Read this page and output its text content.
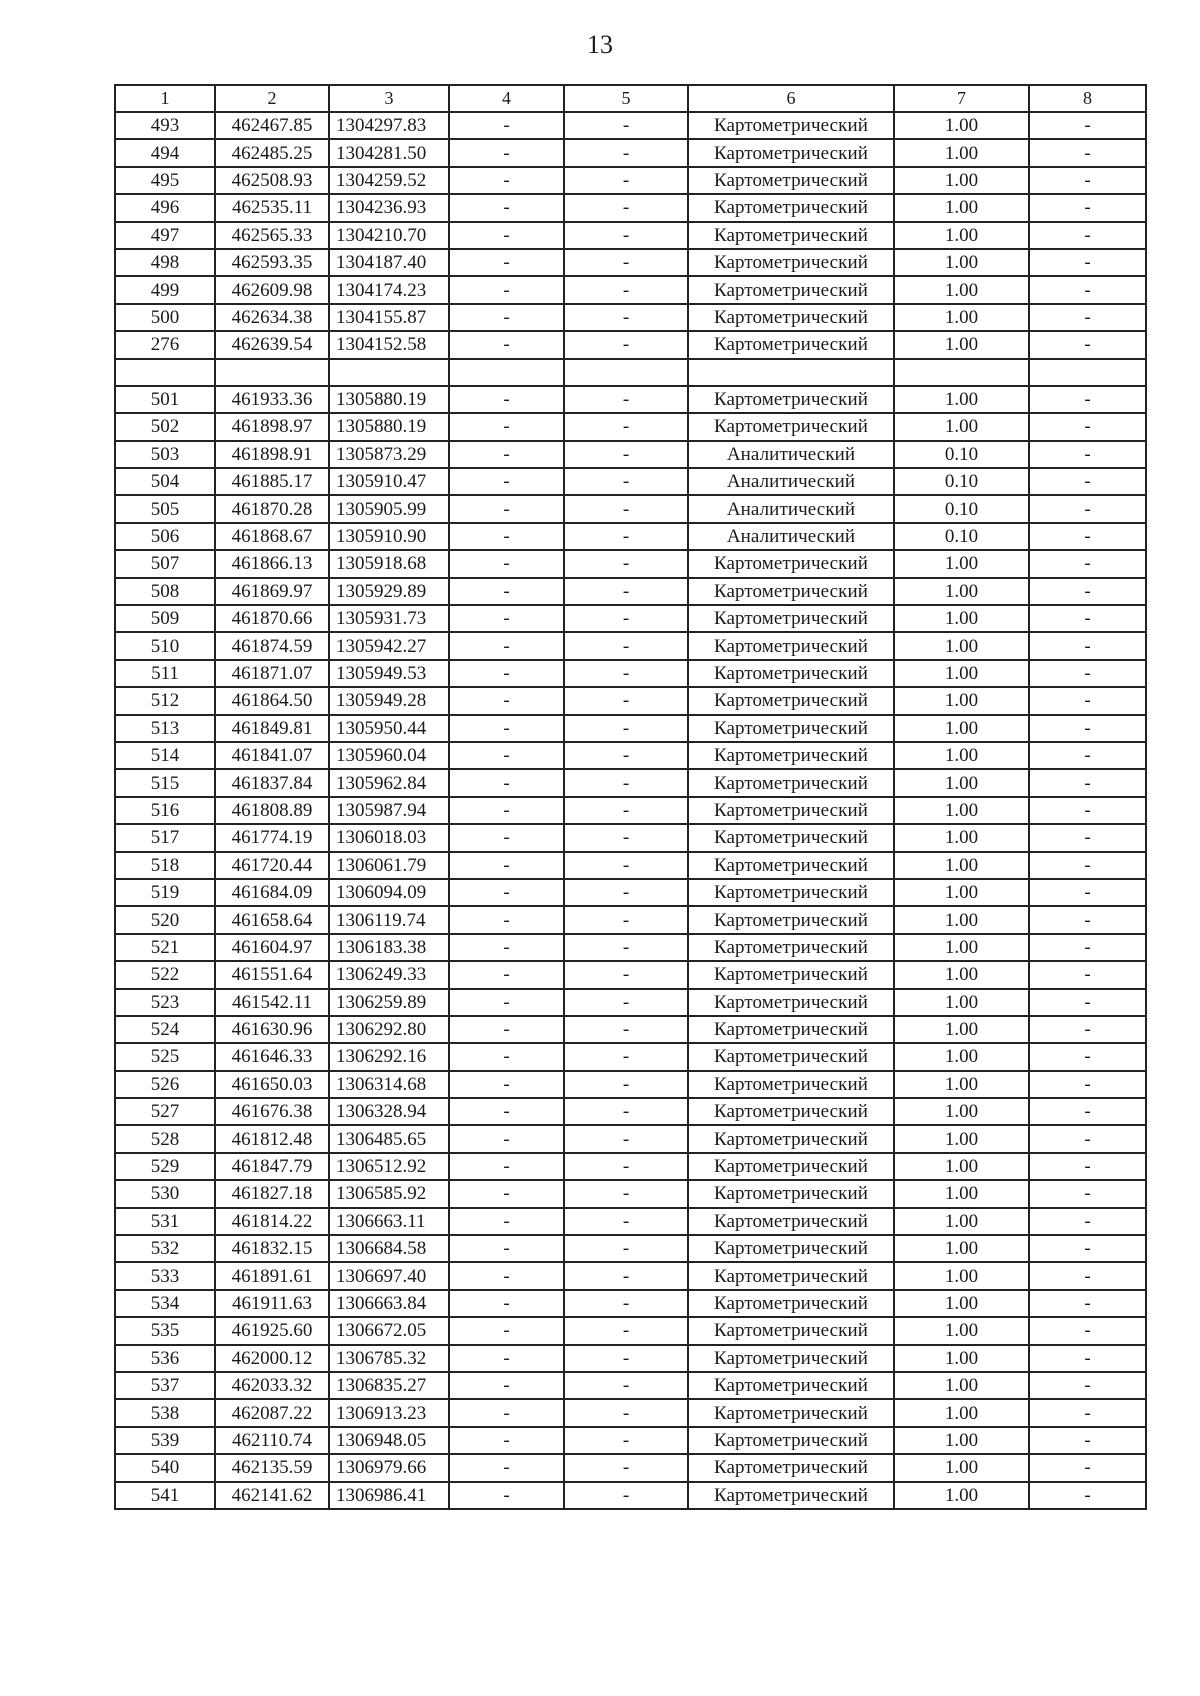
13
1	2	3	4	5	6	7	8
493	462467.85	1304297.83	-	-	Картометрический	1.00	-
494	462485.25	1304281.50	-	-	Картометрический	1.00	-
495	462508.93	1304259.52	-	-	Картометрический	1.00	-
496	462535.11	1304236.93	-	-	Картометрический	1.00	-
497	462565.33	1304210.70	-	-	Картометрический	1.00	-
498	462593.35	1304187.40	-	-	Картометрический	1.00	-
499	462609.98	1304174.23	-	-	Картометрический	1.00	-
500	462634.38	1304155.87	-	-	Картометрический	1.00	-
276	462639.54	1304152.58	-	-	Картометрический	1.00	-

501	461933.36	1305880.19	-	-	Картометрический	1.00	-
502	461898.97	1305880.19	-	-	Картометрический	1.00	-
503	461898.91	1305873.29	-	-	Аналитический	0.10	-
504	461885.17	1305910.47	-	-	Аналитический	0.10	-
505	461870.28	1305905.99	-	-	Аналитический	0.10	-
506	461868.67	1305910.90	-	-	Аналитический	0.10	-
507	461866.13	1305918.68	-	-	Картометрический	1.00	-
508	461869.97	1305929.89	-	-	Картометрический	1.00	-
509	461870.66	1305931.73	-	-	Картометрический	1.00	-
510	461874.59	1305942.27	-	-	Картометрический	1.00	-
511	461871.07	1305949.53	-	-	Картометрический	1.00	-
512	461864.50	1305949.28	-	-	Картометрический	1.00	-
513	461849.81	1305950.44	-	-	Картометрический	1.00	-
514	461841.07	1305960.04	-	-	Картометрический	1.00	-
515	461837.84	1305962.84	-	-	Картометрический	1.00	-
516	461808.89	1305987.94	-	-	Картометрический	1.00	-
517	461774.19	1306018.03	-	-	Картометрический	1.00	-
518	461720.44	1306061.79	-	-	Картометрический	1.00	-
519	461684.09	1306094.09	-	-	Картометрический	1.00	-
520	461658.64	1306119.74	-	-	Картометрический	1.00	-
521	461604.97	1306183.38	-	-	Картометрический	1.00	-
522	461551.64	1306249.33	-	-	Картометрический	1.00	-
523	461542.11	1306259.89	-	-	Картометрический	1.00	-
524	461630.96	1306292.80	-	-	Картометрический	1.00	-
525	461646.33	1306292.16	-	-	Картометрический	1.00	-
526	461650.03	1306314.68	-	-	Картометрический	1.00	-
527	461676.38	1306328.94	-	-	Картометрический	1.00	-
528	461812.48	1306485.65	-	-	Картометрический	1.00	-
529	461847.79	1306512.92	-	-	Картометрический	1.00	-
530	461827.18	1306585.92	-	-	Картометрический	1.00	-
531	461814.22	1306663.11	-	-	Картометрический	1.00	-
532	461832.15	1306684.58	-	-	Картометрический	1.00	-
533	461891.61	1306697.40	-	-	Картометрический	1.00	-
534	461911.63	1306663.84	-	-	Картометрический	1.00	-
535	461925.60	1306672.05	-	-	Картометрический	1.00	-
536	462000.12	1306785.32	-	-	Картометрический	1.00	-
537	462033.32	1306835.27	-	-	Картометрический	1.00	-
538	462087.22	1306913.23	-	-	Картометрический	1.00	-
539	462110.74	1306948.05	-	-	Картометрический	1.00	-
540	462135.59	1306979.66	-	-	Картометрический	1.00	-
541	462141.62	1306986.41	-	-	Картометрический	1.00	-
